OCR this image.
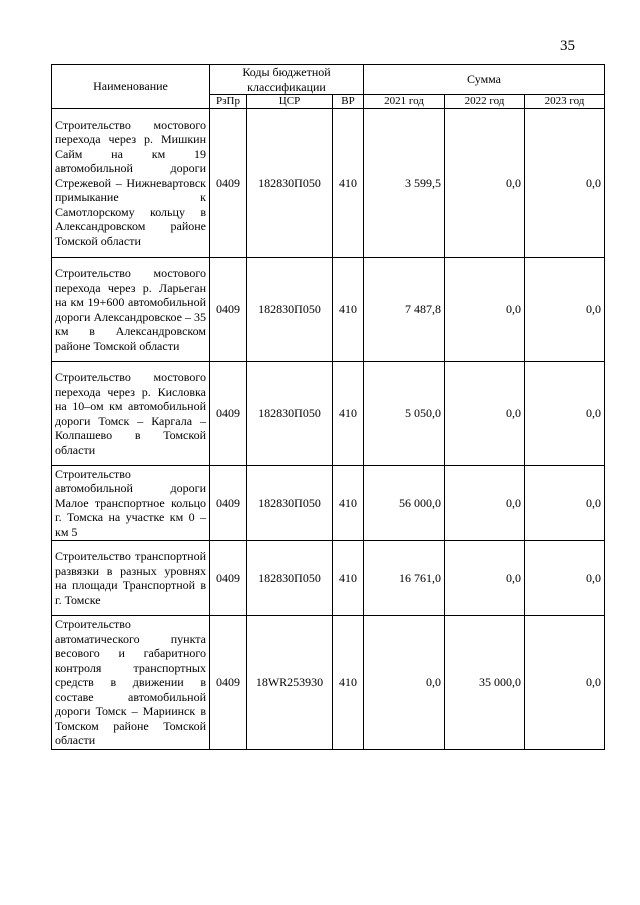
35
Наименование	Коды бюджетной классификации			Сумма		
	РзПр	ЦСР	ВР	2021 год	2022 год	2023 год
Строительство мостового перехода через р. Мишкин Сайм на км 19 автомобильной дороги Стрежевой – Нижневартовск примыкание к Самотлорскому кольцу в Александровском районе Томской области	0409	182830П050	410	3 599,5	0,0	0,0
Строительство мостового перехода через р. Ларьеган на км 19+600 автомобильной дороги Александровское – 35 км в Александровском районе Томской области	0409	182830П050	410	7 487,8	0,0	0,0
Строительство мостового перехода через р. Кисловка на 10–ом км автомобильной дороги Томск – Каргала – Колпашево в Томской области	0409	182830П050	410	5 050,0	0,0	0,0
Строительство автомобильной дороги Малое транспортное кольцо г. Томска на участке км 0 – км 5	0409	182830П050	410	56 000,0	0,0	0,0
Строительство транспортной развязки в разных уровнях на площади Транспортной в г. Томске	0409	182830П050	410	16 761,0	0,0	0,0
Строительство автоматического пункта весового и габаритного контроля транспортных средств в движении в составе автомобильной дороги Томск – Мариинск в Томском районе Томской области	0409	18WR253930	410	0,0	35 000,0	0,0
